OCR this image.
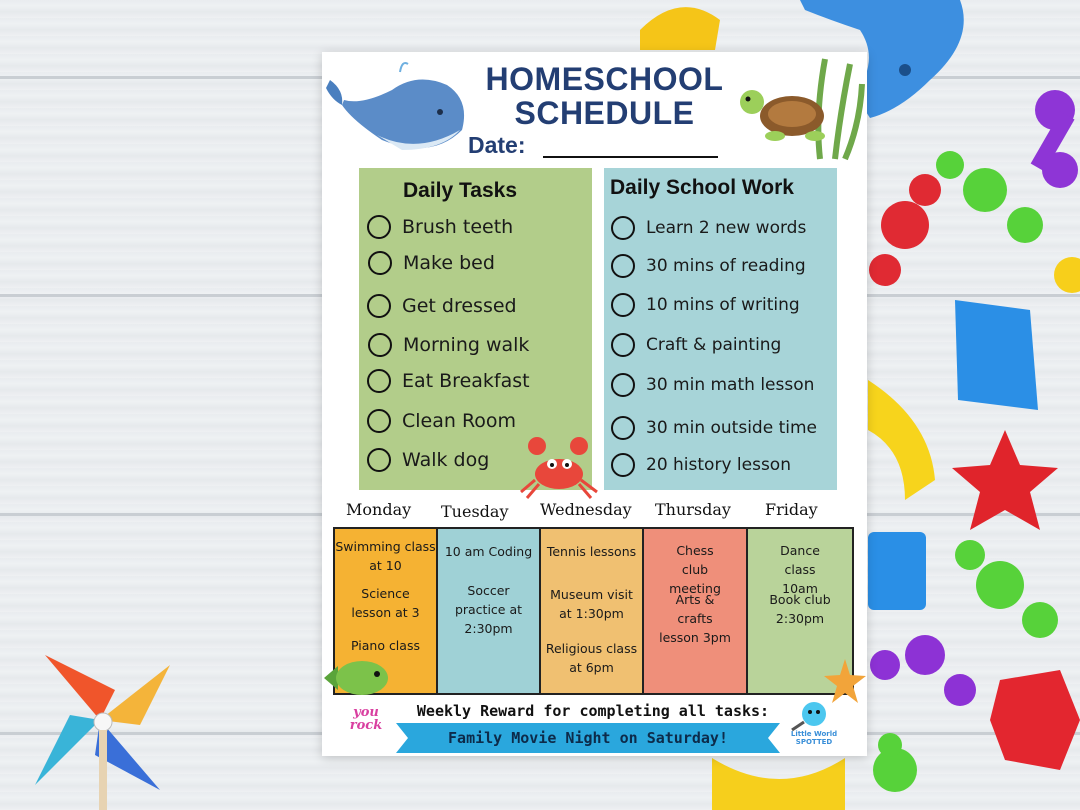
HOMESCHOOL
SCHEDULE
Date:
Daily Tasks
Brush teeth
Make bed
Get dressed
Morning walk
Eat Breakfast
Clean Room
Walk dog
Daily School Work
Learn 2 new words
30 mins of reading
10 mins of writing
Craft & painting
30 min math lesson
30 min outside time
20 history lesson
Monday Tuesday Wednesday Thursday Friday
Swimming class at 10
Science lesson at 3
Piano class
10 am Coding
Soccer practice at 2:30pm
Tennis lessons
Museum visit at 1:30pm
Religious class at 6pm
Chess club meeting
Arts & crafts lesson 3pm
Dance class 10am
Book club 2:30pm
Weekly Reward for completing all tasks:
Family Movie Night on Saturday!
you rock
Little World
SPOTTED
